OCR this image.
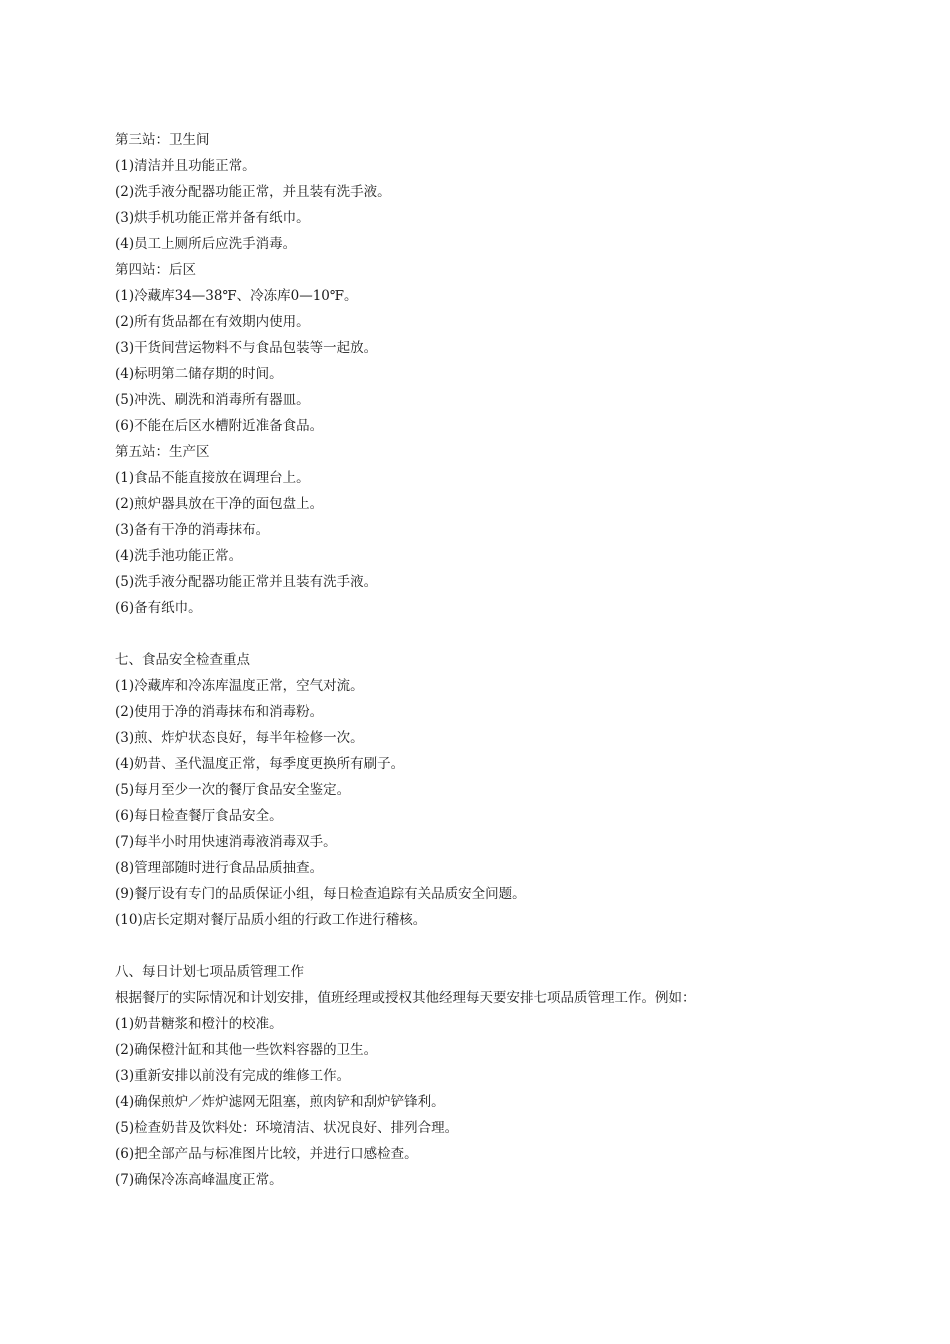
第三站：卫生间
(1)清洁并且功能正常。
(2)洗手液分配器功能正常，并且装有洗手液。
(3)烘手机功能正常并备有纸巾。
(4)员工上厕所后应洗手消毒。
第四站：后区
(1)冷藏库34—38℉、冷冻库0—10℉。
(2)所有货品都在有效期内使用。
(3)干货间营运物料不与食品包装等一起放。
(4)标明第二储存期的时间。
(5)冲洗、刷洗和消毒所有器皿。
(6)不能在后区水槽附近准备食品。
第五站：生产区
(1)食品不能直接放在调理台上。
(2)煎炉器具放在干净的面包盘上。
(3)备有干净的消毒抹布。
(4)洗手池功能正常。
(5)洗手液分配器功能正常并且装有洗手液。
(6)备有纸巾。
七、食品安全检查重点
(1)冷藏库和冷冻库温度正常，空气对流。
(2)使用于净的消毒抹布和消毒粉。
(3)煎、炸炉状态良好，每半年检修一次。
(4)奶昔、圣代温度正常，每季度更换所有刷子。
(5)每月至少一次的餐厅食品安全鉴定。
(6)每日检查餐厅食品安全。
(7)每半小时用快速消毒液消毒双手。
(8)管理部随时进行食品品质抽查。
(9)餐厅设有专门的品质保证小组，每日检查追踪有关品质安全问题。
(10)店长定期对餐厅品质小组的行政工作进行稽核。
八、每日计划七项品质管理工作
根据餐厅的实际情况和计划安排，值班经理或授权其他经理每天要安排七项品质管理工作。例如：
(1)奶昔糖浆和橙汁的校准。
(2)确保橙汁缸和其他一些饮料容器的卫生。
(3)重新安排以前没有完成的维修工作。
(4)确保煎炉／炸炉滤网无阻塞，煎肉铲和刮炉铲锋利。
(5)检查奶昔及饮料处：环境清洁、状况良好、排列合理。
(6)把全部产品与标准图片比较，并进行口感检查。
(7)确保冷冻高峰温度正常。
